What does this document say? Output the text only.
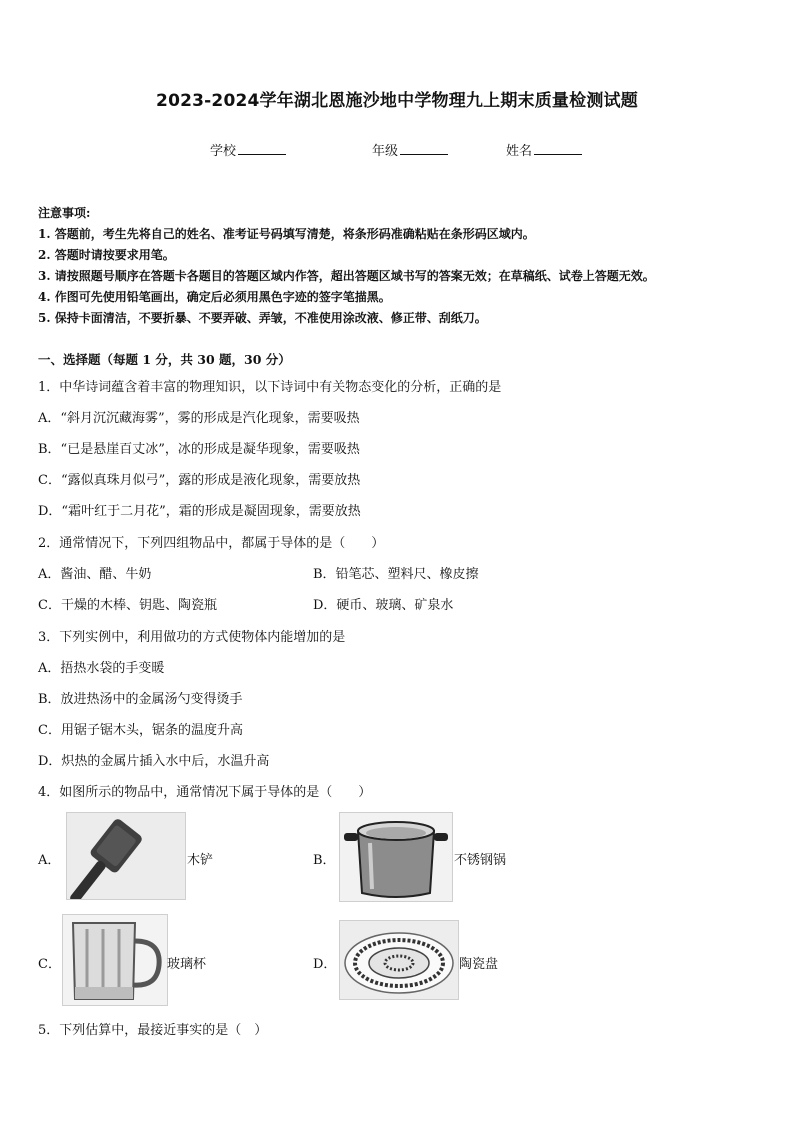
2023-2024学年湖北恩施沙地中学物理九上期末质量检测试题
学校	年级	姓名
注意事项:
1. 答题前，考生先将自己的姓名、准考证号码填写清楚，将条形码准确粘贴在条形码区域内。
2. 答题时请按要求用笔。
3. 请按照题号顺序在答题卡各题目的答题区域内作答，超出答题区域书写的答案无效；在草稿纸、试卷上答题无效。
4. 作图可先使用铅笔画出，确定后必须用黑色字迹的签字笔描黑。
5. 保持卡面清洁，不要折暴、不要弄破、弄皱，不准使用涂改液、修正带、刮纸刀。
一、选择题（每题 1 分，共 30 题，30 分）
1．中华诗词蕴含着丰富的物理知识，以下诗词中有关物态变化的分析，正确的是
A．“斜月沉沉藏海雾”，雾的形成是汽化现象，需要吸热
B．“已是悬崖百丈冰”，冰的形成是凝华现象，需要吸热
C．“露似真珠月似弓”，露的形成是液化现象，需要放热
D．“霜叶红于二月花”，霜的形成是凝固现象，需要放热
2．通常情况下，下列四组物品中，都属于导体的是（　　）
A．酱油、醋、牛奶	B．铅笔芯、塑料尺、橡皮擦
C．干燥的木棒、钥匙、陶瓷瓶	D．硬币、玻璃、矿泉水
3．下列实例中，利用做功的方式使物体内能增加的是
A．捂热水袋的手变暖
B．放进热汤中的金属汤勺变得烫手
C．用锯子锯木头，锯条的温度升高
D．炽热的金属片插入水中后，水温升高
4．如图所示的物品中，通常情况下属于导体的是（　　）
A．	木铲	B．	不锈钢锅
C．	玻璃杯	D．	陶瓷盘
5．下列估算中，最接近事实的是（　）
